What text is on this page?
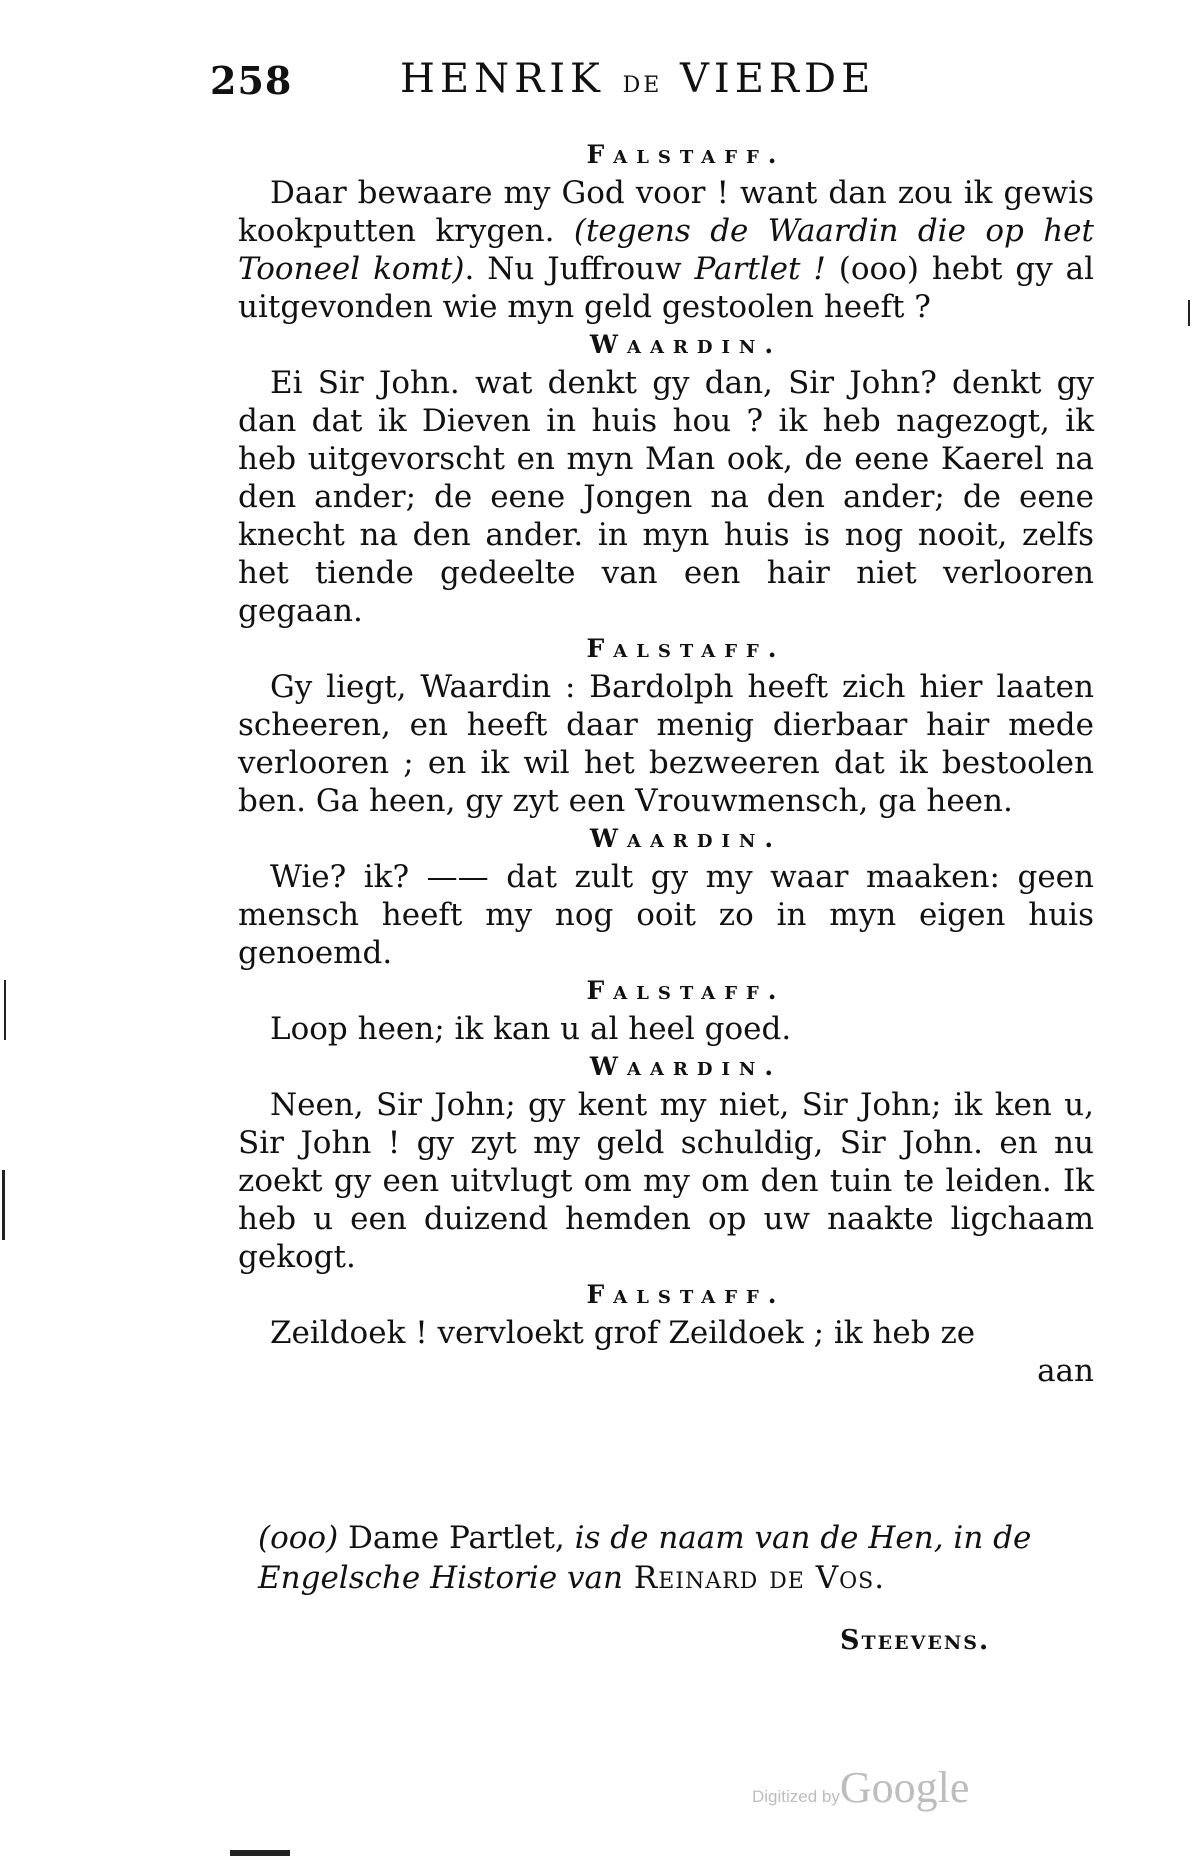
258	HENRIK DE VIERDE
Falstaff.
Daar bewaare my God voor ! want dan zou ik gewis kookputten krygen. (tegens de Waardin die op het Tooneel komt). Nu Juffrouw Partlet ! (ooo) hebt gy al uitgevonden wie myn geld gestoolen heeft ?
Waardin.
Ei Sir John. wat denkt gy dan, Sir John? denkt gy dan dat ik Dieven in huis hou ? ik heb nagezogt, ik heb uitgevorscht en myn Man ook, de eene Kaerel na den ander; de eene Jongen na den ander; de eene knecht na den ander. in myn huis is nog nooit, zelfs het tiende gedeelte van een hair niet verlooren gegaan.
Falstaff.
Gy liegt, Waardin : Bardolph heeft zich hier laaten scheeren, en heeft daar menig dierbaar hair mede verlooren ; en ik wil het bezweeren dat ik bestoolen ben. Ga heen, gy zyt een Vrouwmensch, ga heen.
Waardin.
Wie? ik? —— dat zult gy my waar maaken: geen mensch heeft my nog ooit zo in myn eigen huis genoemd.
Falstaff.
Loop heen; ik kan u al heel goed.
Waardin.
Neen, Sir John; gy kent my niet, Sir John; ik ken u, Sir John ! gy zyt my geld schuldig, Sir John. en nu zoekt gy een uitvlugt om my om den tuin te leiden. Ik heb u een duizend hemden op uw naakte ligchaam gekogt.
Falstaff.
Zeildoek ! vervloekt grof Zeildoek ; ik heb ze
aan
(ooo) Dame Partlet, is de naam van de Hen, in de Engelsche Historie van Reinard de Vos.
Steevens.
Digitized byGoogle
